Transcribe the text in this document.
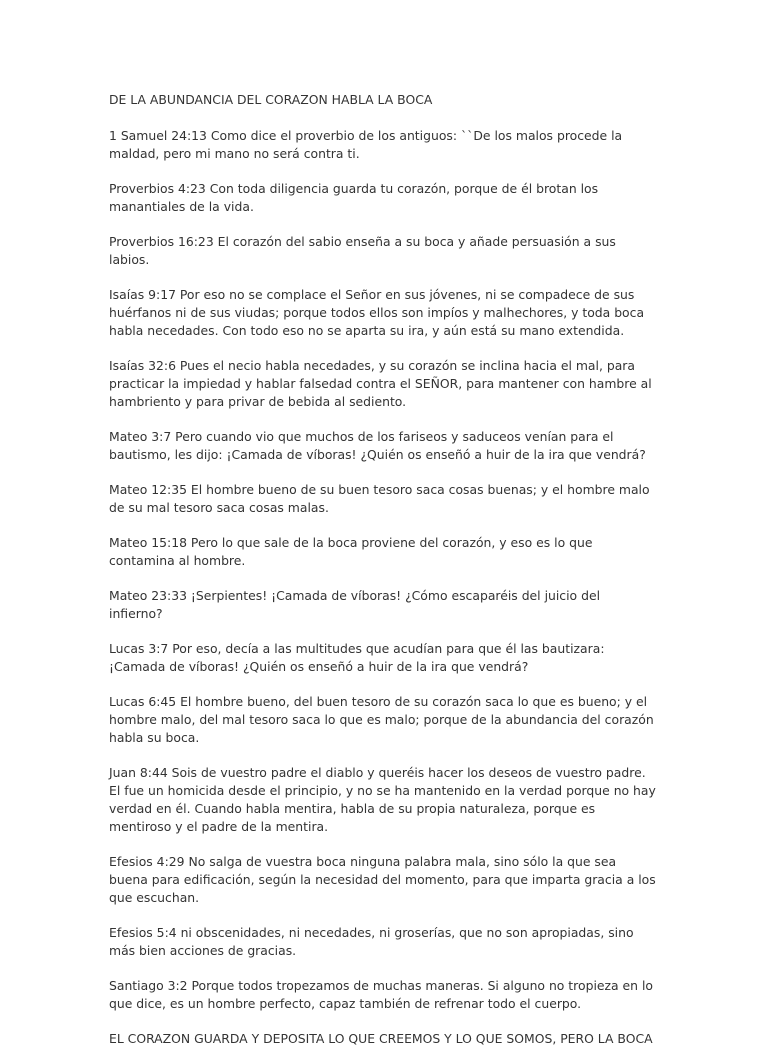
DE LA ABUNDANCIA DEL CORAZON HABLA LA BOCA

1 Samuel 24:13 Como dice el proverbio de los antiguos: ``De los malos procede la maldad, pero mi mano no será contra ti.

Proverbios 4:23 Con toda diligencia guarda tu corazón, porque de él brotan los manantiales de la vida.

Proverbios 16:23 El corazón del sabio enseña a su boca y añade persuasión a sus labios.

Isaías 9:17 Por eso no se complace el Señor en sus jóvenes, ni se compadece de sus huérfanos ni de sus viudas; porque todos ellos son impíos y malhechores, y toda boca habla necedades. Con todo eso no se aparta su ira, y aún está su mano extendida.

Isaías 32:6 Pues el necio habla necedades, y su corazón se inclina hacia el mal, para practicar la impiedad y hablar falsedad contra el SEÑOR, para mantener con hambre al hambriento y para privar de bebida al sediento.

Mateo 3:7 Pero cuando vio que muchos de los fariseos y saduceos venían para el bautismo, les dijo: ¡Camada de víboras! ¿Quién os enseñó a huir de la ira que vendrá?

Mateo 12:35 El hombre bueno de su buen tesoro saca cosas buenas; y el hombre malo de su mal tesoro saca cosas malas.

Mateo 15:18 Pero lo que sale de la boca proviene del corazón, y eso es lo que contamina al hombre.

Mateo 23:33 ¡Serpientes! ¡Camada de víboras! ¿Cómo escaparéis del juicio del infierno?

Lucas 3:7 Por eso, decía a las multitudes que acudían para que él las bautizara: ¡Camada de víboras! ¿Quién os enseñó a huir de la ira que vendrá?

Lucas 6:45 El hombre bueno, del buen tesoro de su corazón saca lo que es bueno; y el hombre malo, del mal tesoro saca lo que es malo; porque de la abundancia del corazón habla su boca.

Juan 8:44 Sois de vuestro padre el diablo y queréis hacer los deseos de vuestro padre. El fue un homicida desde el principio, y no se ha mantenido en la verdad porque no hay verdad en él. Cuando habla mentira, habla de su propia naturaleza, porque es mentiroso y el padre de la mentira.

Efesios 4:29 No salga de vuestra boca ninguna palabra mala, sino sólo la que sea buena para edificación, según la necesidad del momento, para que imparta gracia a los que escuchan.

Efesios 5:4 ni obscenidades, ni necedades, ni groserías, que no son apropiadas, sino más bien acciones de gracias.

Santiago 3:2 Porque todos tropezamos de muchas maneras. Si alguno no tropieza en lo que dice, es un hombre perfecto, capaz también de refrenar todo el cuerpo.

EL CORAZON GUARDA Y DEPOSITA LO QUE CREEMOS Y LO QUE SOMOS, PERO LA BOCA
